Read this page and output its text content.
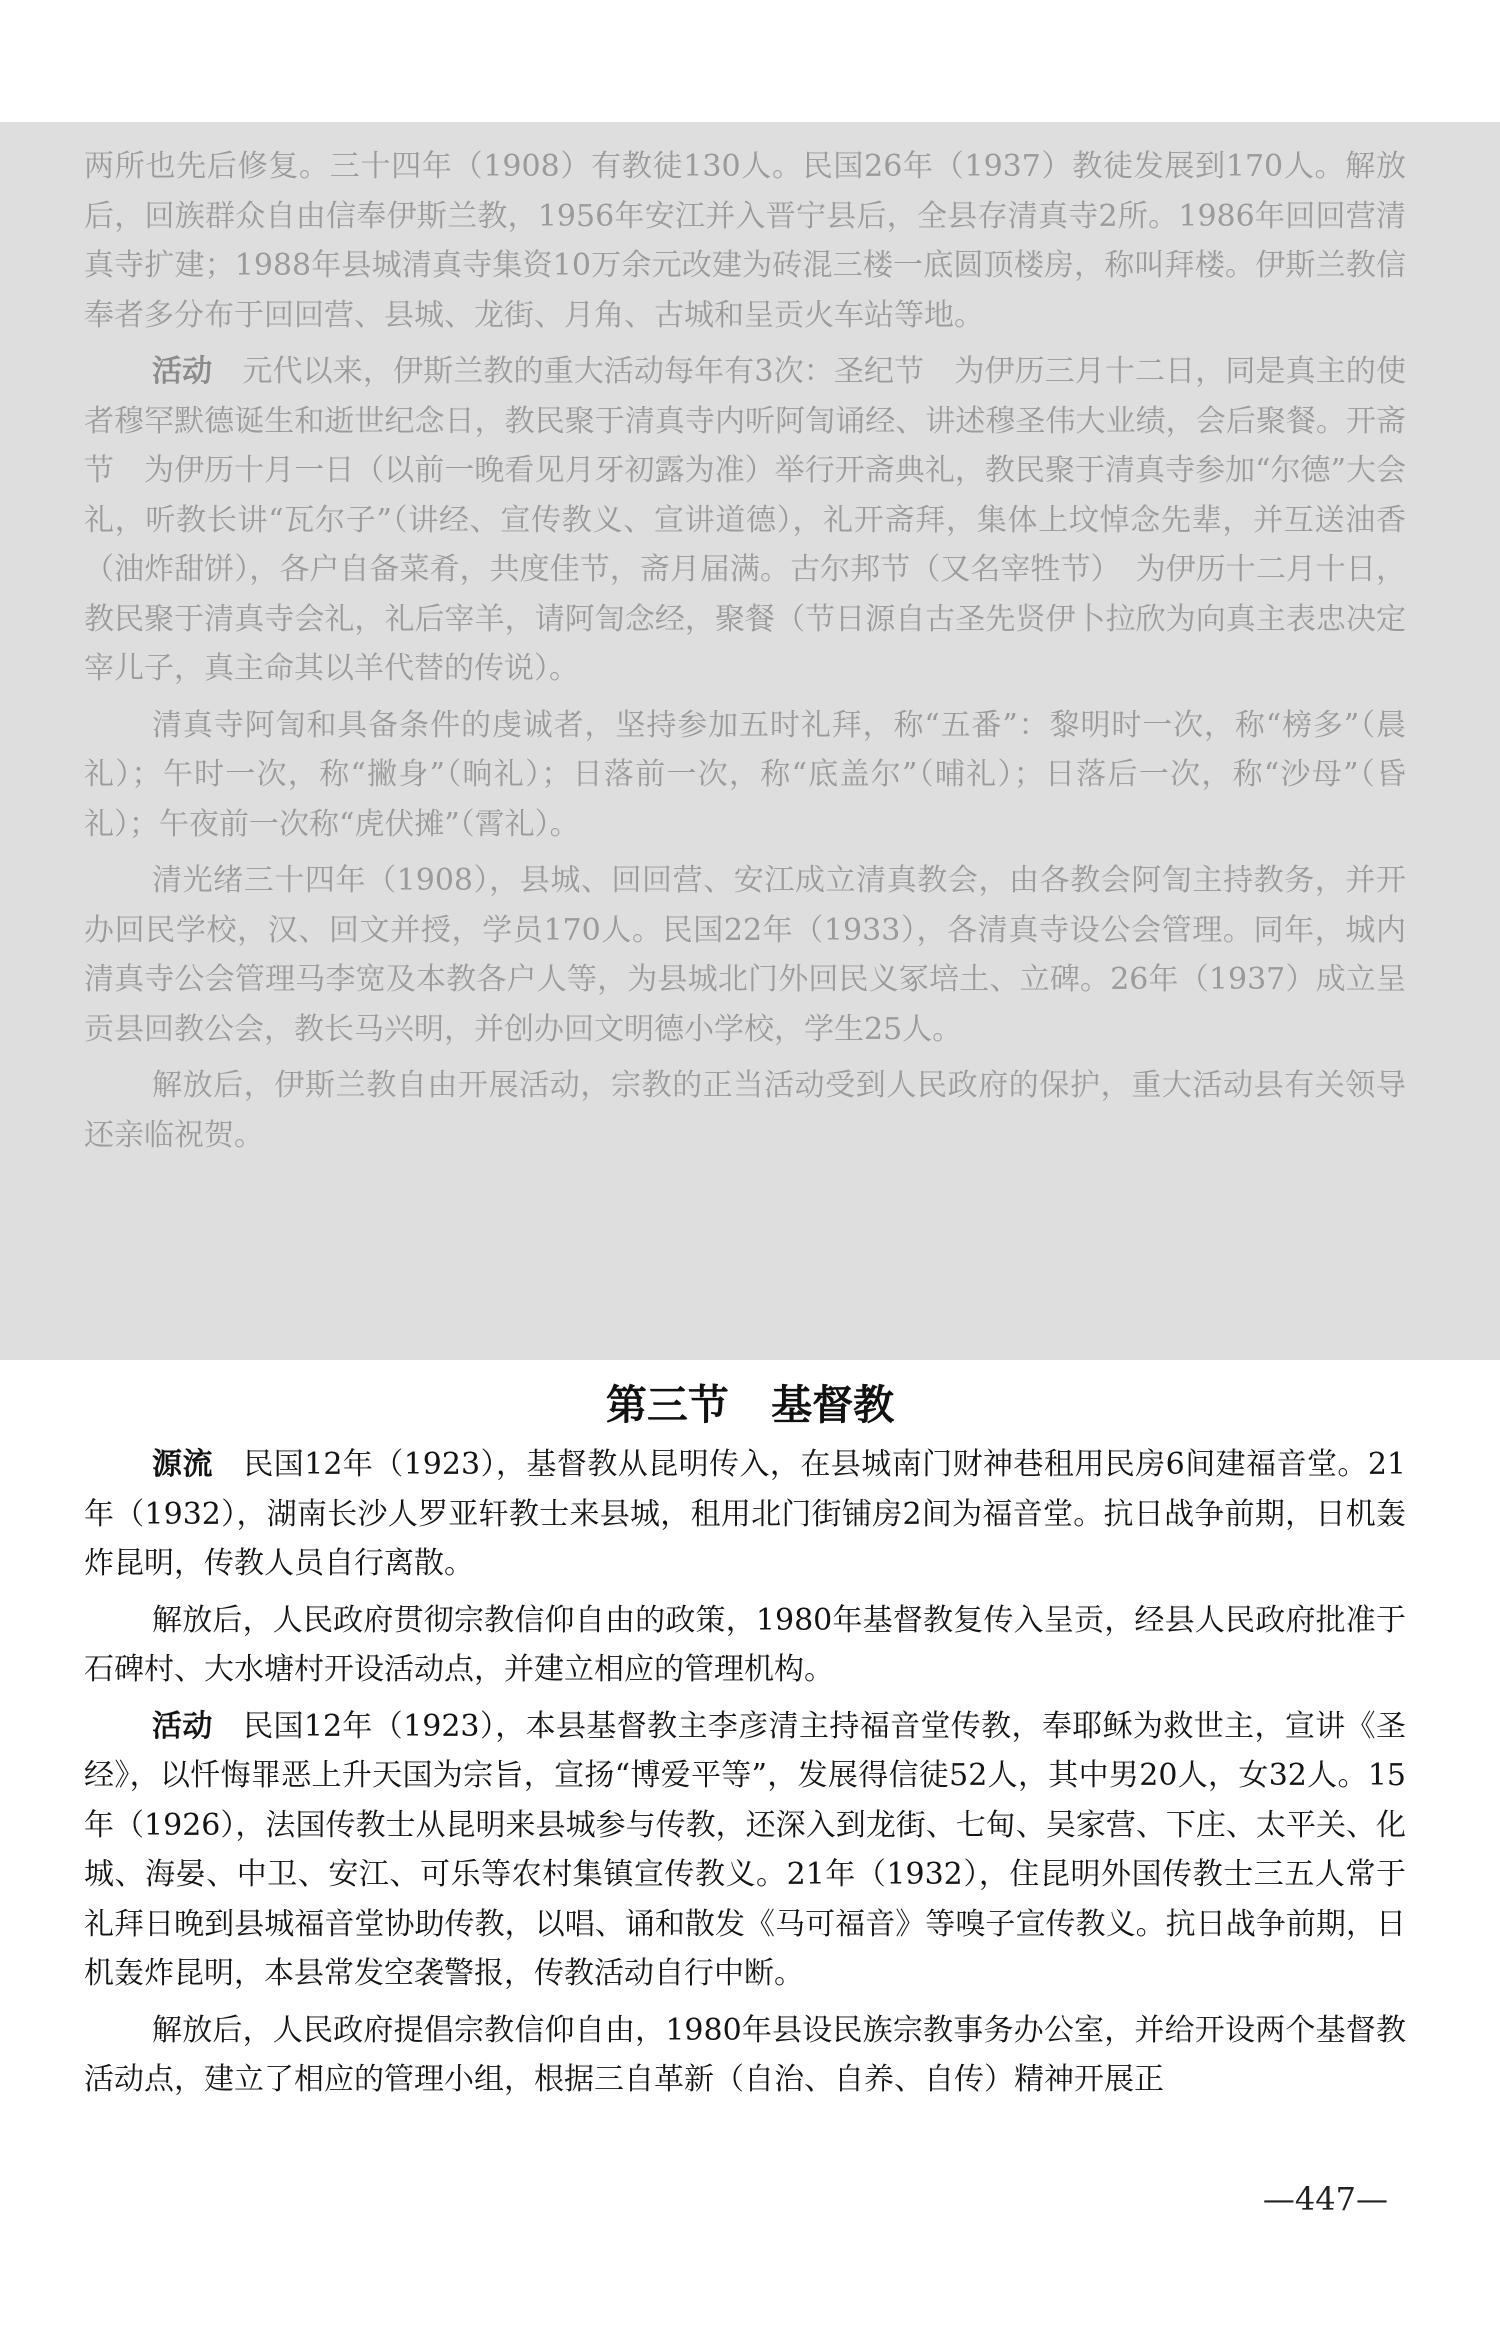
两所也先后修复。三十四年（1908）有教徒130人。民国26年（1937）教徒发展到170人。解放后，回族群众自由信奉伊斯兰教，1956年安江并入晋宁县后，全县存清真寺2所。1986年回回营清真寺扩建；1988年县城清真寺集资10万余元改建为砖混三楼一底圆顶楼房，称叫拜楼。伊斯兰教信奉者多分布于回回营、县城、龙街、月角、古城和呈贡火车站等地。

活动　 元代以来，伊斯兰教的重大活动每年有3次：圣纪节　为伊历三月十二日，同是真主的使者穆罕默德诞生和逝世纪念日，教民聚于清真寺内听阿訇诵经、讲述穆圣伟大业绩，会后聚餐。开斋节　为伊历十月一日（以前一晚看见月牙初露为准）举行开斋典礼，教民聚于清真寺参加“尔德”大会礼，听教长讲“瓦尔子”（讲经、宣传教义、宣讲道德），礼开斋拜，集体上坟悼念先辈，并互送油香（油炸甜饼），各户自备菜肴，共度佳节，斋月届满。古尔邦节（又名宰牲节）　为伊历十二月十日，教民聚于清真寺会礼，礼后宰羊，请阿訇念经，聚餐（节日源自古圣先贤伊卜拉欣为向真主表忠决定宰儿子，真主命其以羊代替的传说）。

清真寺阿訇和具备条件的虔诚者，坚持参加五时礼拜，称“五番”：黎明时一次，称“榜多”（晨礼）；午时一次，称“撇身”（晌礼）；日落前一次，称“底盖尔”（晡礼）；日落后一次，称“沙母”（昏礼）；午夜前一次称“虎伏摊”（霄礼）。

清光绪三十四年（1908），县城、回回营、安江成立清真教会，由各教会阿訇主持教务，并开办回民学校，汉、回文并授，学员170人。民国22年（1933），各清真寺设公会管理。同年，城内清真寺公会管理马李宽及本教各户人等，为县城北门外回民义冢培土、立碑。26年（1937）成立呈贡县回教公会，教长马兴明，并创办回文明德小学校，学生25人。

解放后，伊斯兰教自由开展活动，宗教的正当活动受到人民政府的保护，重大活动县有关领导还亲临祝贺。

第三节 基督教

源流　 民国12年（1923），基督教从昆明传入，在县城南门财神巷租用民房6间建福音堂。21年（1932），湖南长沙人罗亚轩教士来县城，租用北门街铺房2间为福音堂。抗日战争前期，日机轰炸昆明，传教人员自行离散。

解放后，人民政府贯彻宗教信仰自由的政策，1980年基督教复传入呈贡，经县人民政府批准于石碑村、大水塘村开设活动点，并建立相应的管理机构。

活动　 民国12年（1923），本县基督教主李彦清主持福音堂传教，奉耶稣为救世主，宣讲《圣经》，以忏悔罪恶上升天国为宗旨，宣扬“博爱平等”，发展得信徒52人，其中男20人，女32人。15年（1926），法国传教士从昆明来县城参与传教，还深入到龙街、七甸、吴家营、下庄、太平关、化城、海晏、中卫、安江、可乐等农村集镇宣传教义。21年（1932），住昆明外国传教士三五人常于礼拜日晚到县城福音堂协助传教，以唱、诵和散发《马可福音》等嗅子宣传教义。抗日战争前期，日机轰炸昆明，本县常发空袭警报，传教活动自行中断。

解放后，人民政府提倡宗教信仰自由，1980年县设民族宗教事务办公室，并给开设两个基督教活动点，建立了相应的管理小组，根据三自革新（自治、自养、自传）精神开展正

—447—
